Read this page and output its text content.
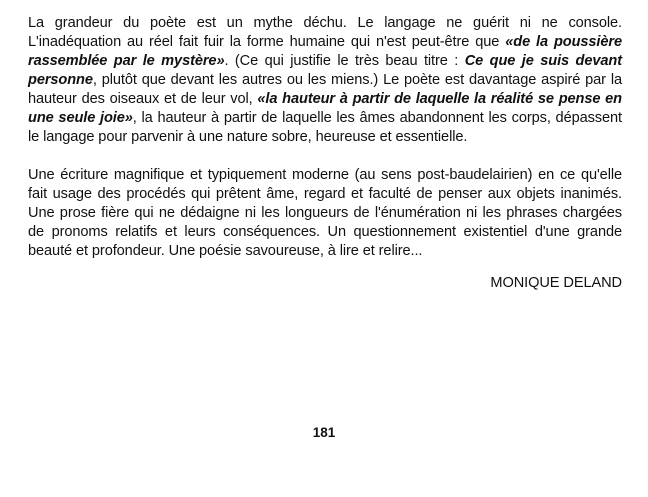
La grandeur du poète est un mythe déchu. Le langage ne guérit ni ne console. L'inadéquation au réel fait fuir la forme humaine qui n'est peut-être que «de la poussière rassemblée par le mystère». (Ce qui justifie le très beau titre : Ce que je suis devant personne, plutôt que devant les autres ou les miens.) Le poète est davantage aspiré par la hauteur des oiseaux et de leur vol, «la hauteur à partir de laquelle la réalité se pense en une seule joie», la hauteur à partir de laquelle les âmes abandonnent les corps, dépassent le langage pour parvenir à une nature sobre, heureuse et essentielle.

Une écriture magnifique et typiquement moderne (au sens post-baudelairien) en ce qu'elle fait usage des procédés qui prêtent âme, regard et faculté de penser aux objets inanimés. Une prose fière qui ne dédaigne ni les longueurs de l'énumération ni les phrases chargées de pronoms relatifs et leurs conséquences. Un questionnement existentiel d'une grande beauté et profondeur. Une poésie savoureuse, à lire et relire...

MONIQUE DELAND

181
